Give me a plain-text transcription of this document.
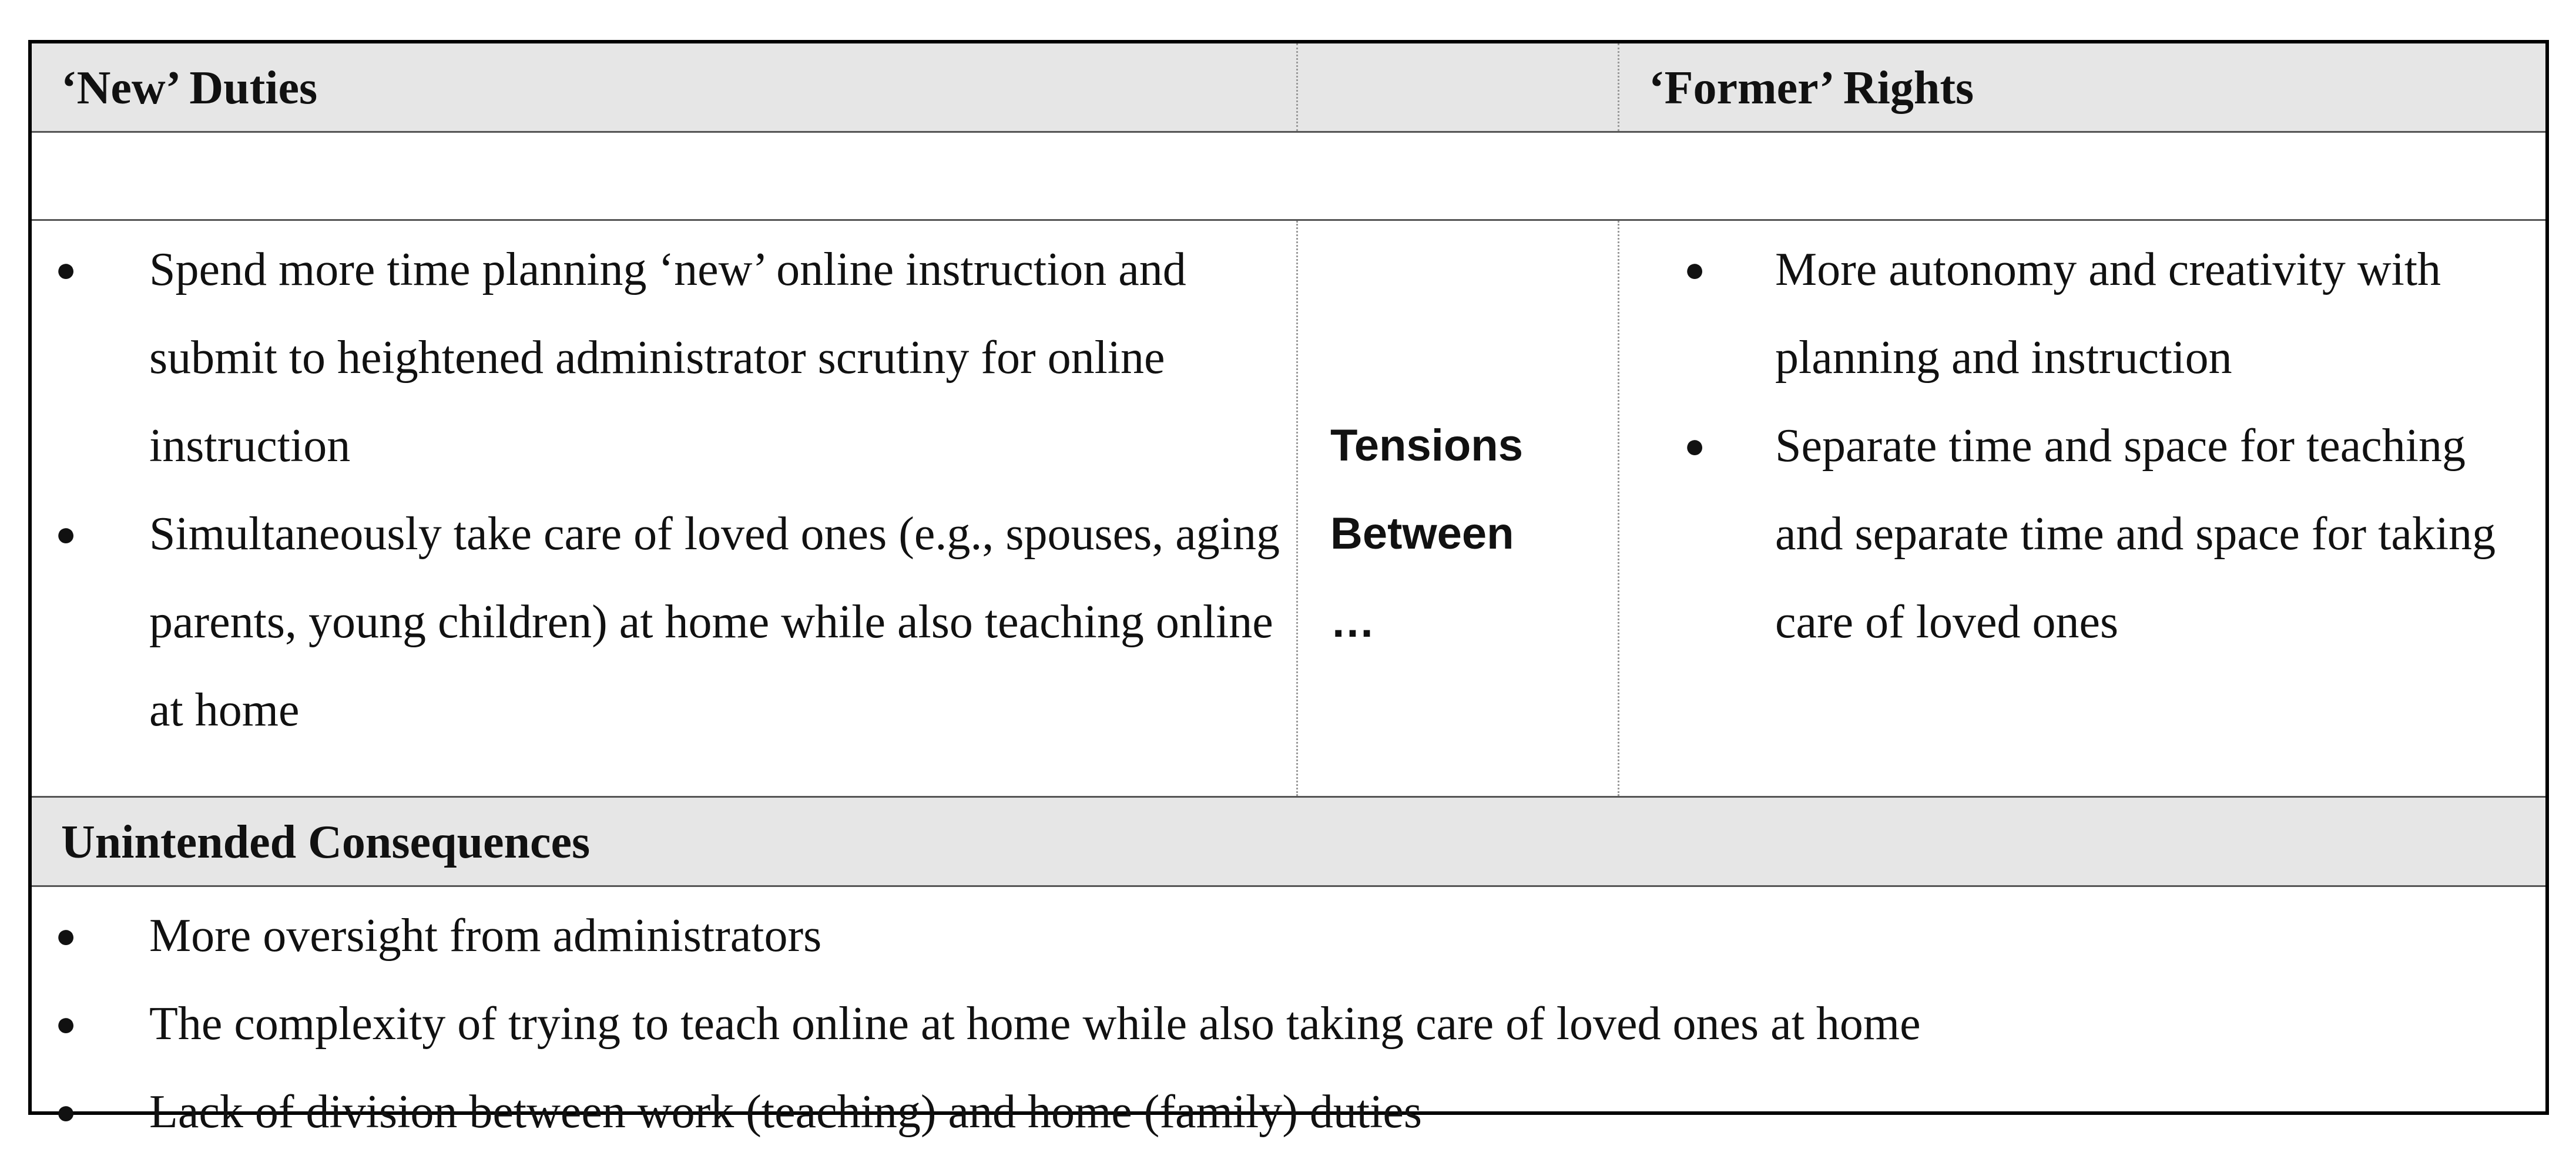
‘New’ Duties	‘Former’ Rights
● Spend more time planning ‘new’ online instruction and submit to heightened administrator scrutiny for online instruction
● Simultaneously take care of loved ones (e.g., spouses, aging parents, young children) at home while also teaching online at home
Tensions
Between
…
● More autonomy and creativity with planning and instruction
● Separate time and space for teaching and separate time and space for taking care of loved ones
Unintended Consequences
● More oversight from administrators
● The complexity of trying to teach online at home while also taking care of loved ones at home
● Lack of division between work (teaching) and home (family) duties
